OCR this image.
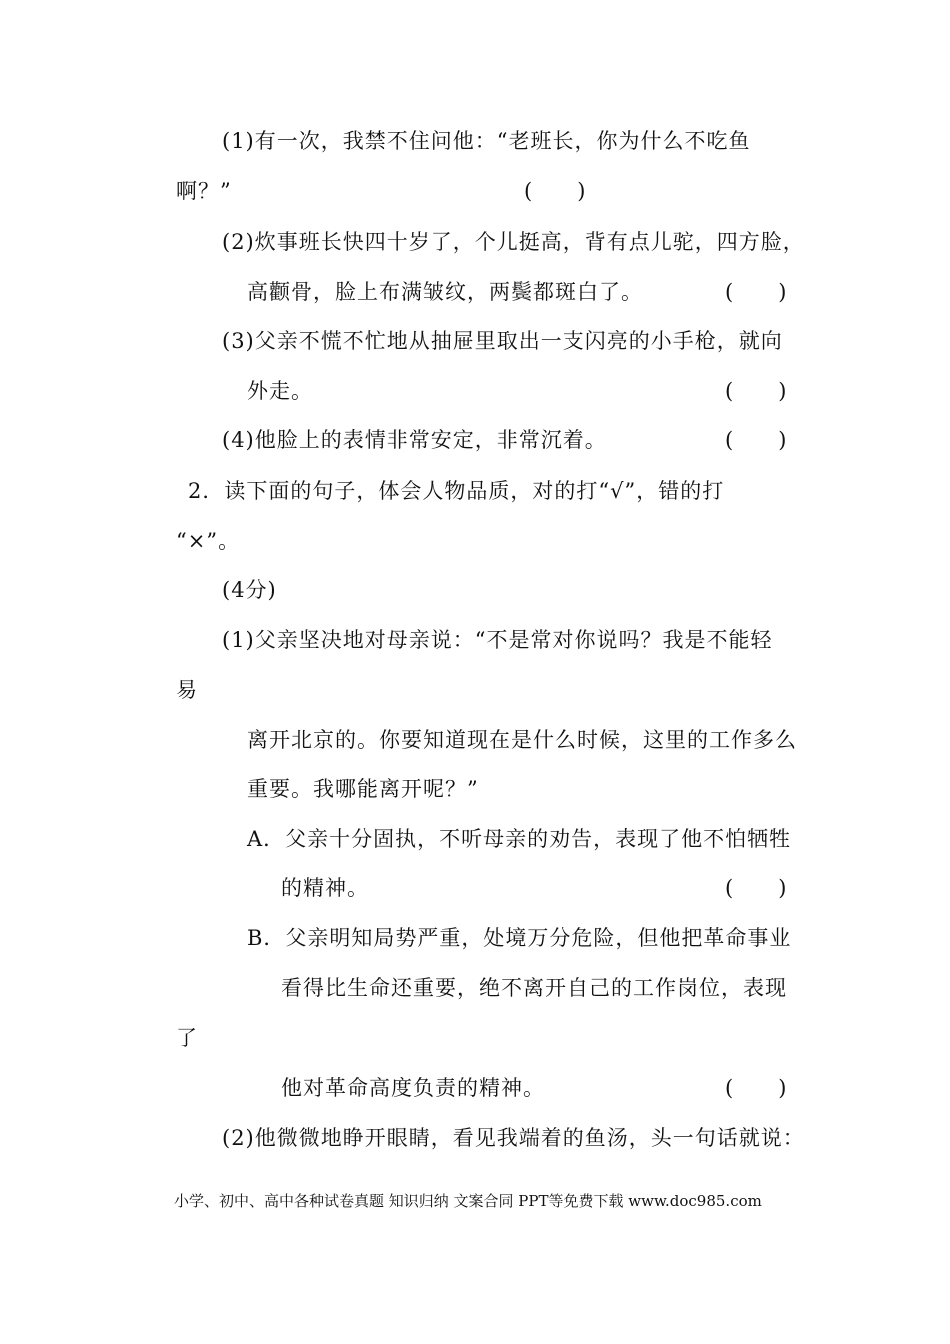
(1)有一次，我禁不住问他：“老班长，你为什么不吃鱼
啊？”	(　　)
(2)炊事班长快四十岁了，个儿挺高，背有点儿驼，四方脸，
高颧骨，脸上布满皱纹，两鬓都斑白了。	(　　)
(3)父亲不慌不忙地从抽屉里取出一支闪亮的小手枪，就向
外走。	(　　)
(4)他脸上的表情非常安定，非常沉着。	(　　)
2．读下面的句子，体会人物品质，对的打“√”，错的打
“×”。
(4分)
(1)父亲坚决地对母亲说：“不是常对你说吗？我是不能轻
易
离开北京的。你要知道现在是什么时候，这里的工作多么
重要。我哪能离开呢？”
A．父亲十分固执，不听母亲的劝告，表现了他不怕牺牲
的精神。	(　　)
B．父亲明知局势严重，处境万分危险，但他把革命事业
看得比生命还重要，绝不离开自己的工作岗位，表现
了
他对革命高度负责的精神。	(　　)
(2)他微微地睁开眼睛，看见我端着的鱼汤，头一句话就说：
小学、初中、高中各种试卷真题 知识归纳 文案合同 PPT等免费下载 www.doc985.com
